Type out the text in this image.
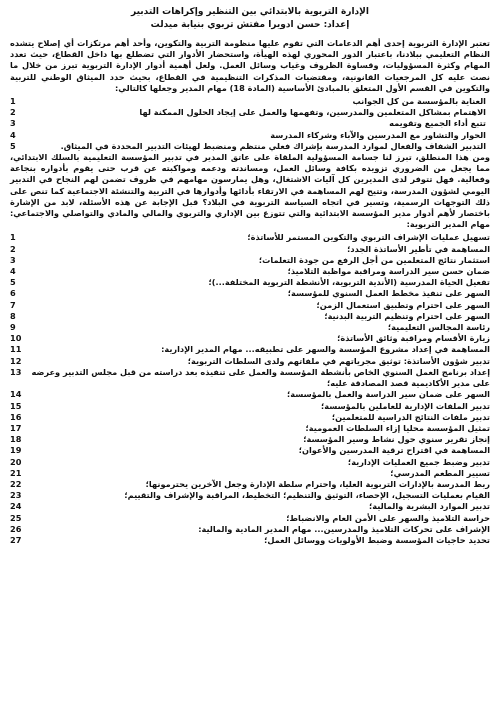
الإدارة التربوية بالابتدائي بين التنظير وإكراهات التدبير
إعداد: حسن ادويرا مفتش تربوي بنيابة ميدلت

تعتبر الإدارة التربوية إحدى أهم الدعامات التي تقوم عليها منظومة التربية والتكوين، وأحد أهم مرتكزات أي إصلاح يتشده النظام التعليمي ببلادنا، باعتبار الدور المحوري لهذه الهيأة، واستحضار الأدوار التي تضطلع بها داخل القطاع، حيث تعدد المهام وكثرة المسؤوليات، وقساوة الظروف وغياب وسائل العمل. ولعل أهمية أدوار الإدارة التربوية تبرز من خلال ما نصت عليه كل المرجعيات القانونية، ومقتضيات المذكرات التنظيمية في القطاع، بحيث حدد الميثاق الوطني للتربية والتكوين في القسم الأول المتعلق بالمبادئ الأساسية (المادة 18) مهام المدير وجعلها كالتالي:

العناية بالمؤسسة من كل الجوانب
1
الاهتمام بمشاكل المتعلمين والمدرسين، وتفهمها والعمل على إيجاد الحلول الممكنة لها
2
تتبع أداء الجميع وتقويمه
3
الحوار والتشاور مع المدرسين والآباء وشركاء المدرسة
4
التدبير الشفاف والفعال لموارد المدرسة بإشراك فعلي منتظم ومنضبط لهيئات التدبير المحددة في الميثاق.
5

ومن هذا المنطلق، تبرز لنا جسامة المسؤولية الملقاة على عاتق المدير في تدبير المؤسسة التعليمية بالسلك الابتدائي، مما يجعل من الضروري تزويده بكافة وسائل العمل، ومساندته ودعمه ومواكبته عن قرب حتى يقوم بأدواره بنجاعة وفعالية. فهل تتوفر لدى المديرين كل آليات الاشتغال، وهل يمارسون مهامهم في ظروف تضمن لهم النجاح في التدبير اليومي لشؤون المدرسة، وتتيح لهم المساهمة في الارتقاء بأدائها وأدوارها في التربية والتنشئة الاجتماعية كما تنص على ذلك التوجهات الرسمية، وتسير في اتجاه السياسة التربوية في البلاد؟ قبل الإجابة عن هذه الأسئلة، لابد من الإشارة باختصار لأهم أدوار مدير المؤسسة الابتدائية والتي تتوزع بين الإداري والتربوي والمالي والمادي والتواصلي والاجتماعي: مهام المدير التربوية:

تسهيل عمليات الإشراف التربوي والتكوين المستمر للأساتذة؛
1
المساهمة في تأطير الأساتذة الجدد؛
2
استثمار نتائج المتعلمين من أجل الرفع من جودة التعلمات؛
3
ضمان حسن سير الدراسة ومراقبة مواظبة التلاميذ؛
4
تفعيل الحياة المدرسية (الأندية التربوية، الأنشطة التربوية المختلفة...)؛
5
السهر على تنفيذ مخطط العمل السنوي للمؤسسة؛
6
السهر على احترام وتطبيق استعمال الزمن؛
7
السهر على احترام وتنظيم التربية البدنية؛
8
رئاسة المجالس التعليمية؛
9
زيارة الأقسام ومراقبة وثائق الأساتذة؛
10
المساهمة في إعداد مشروع المؤسسة والسهر على تطبيقه... مهام المدير الإدارية:
11
تدبير شؤون الأساتذة: توثيق مجرياتهم في ملفاتهم ولدى السلطات التربوية؛
12
إعداد برنامج العمل السنوي الخاص بأنشطة المؤسسة والعمل على تنفيذه بعد دراسته من قبل مجلس التدبير وعرضه على مدير الأكاديمية قصد المصادقة عليه؛
13
السهر على ضمان سير الدراسة والعمل بالمؤسسة؛
14
تدبير الملفات الإدارية للعاملين بالمؤسسة؛
15
تدبير ملفات النتائج الدراسية للمتعلمين؛
16
تمثيل المؤسسة محليا إزاء السلطات العمومية؛
17
إنجاز تقرير سنوي حول نشاط وسير المؤسسة؛
18
المساهمة في اقتراح ترقية المدرسين والأعوان؛
19
تدبير وضبط جميع العمليات الإدارية؛
20
تسيير المطعم المدرسي؛
21
ربط المدرسة بالإدارات التربوية العليا، واحترام سلطة الإدارة وجعل الآخرين يحترمونها؛
22
القيام بعمليات التسجيل، الإحصاء، التوثيق والتنظيم؛ التخطيط، المراقبة والإشراف والتقييم؛
23
تدبير الموارد البشرية والمالية؛
24
حراسة التلاميذ والسهر على الأمن العام والانضباط؛
25
الإشراف على تحركات التلاميذ والمدرسين... مهام المدير المادية والمالية:
26
تحديد حاجيات المؤسسة وضبط الأولويات ووسائل العمل؛
27
